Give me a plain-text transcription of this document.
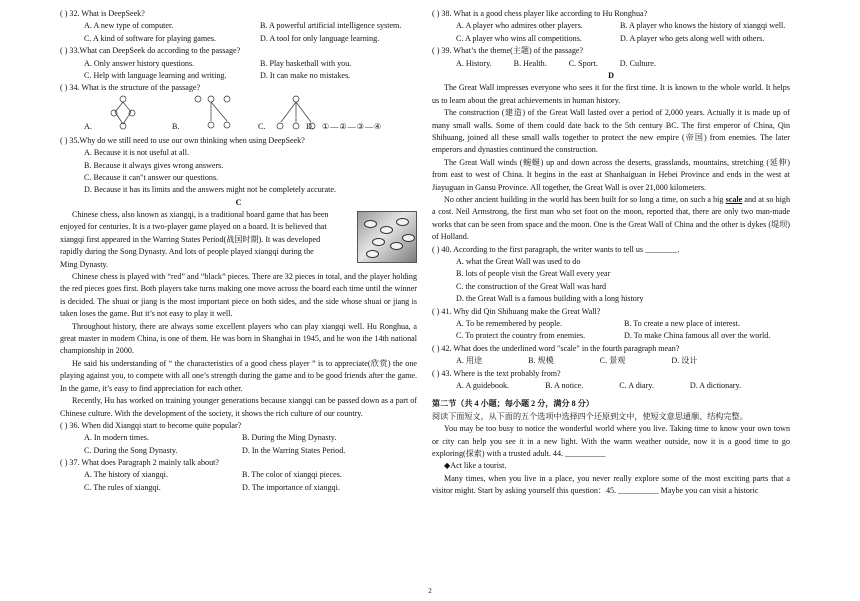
( ) 32. What is DeepSeek?
A. A new type of computer.	B. A powerful artificial intelligence system.
C. A kind of software for playing games.	D. A tool for only language learning.
( ) 33.What can DeepSeek do according to the passage?
A. Only answer history questions.	B. Play basketball with you.
C. Help with language learning and writing.	D. It can make no mistakes.
( ) 34. What is the structure of the passage?
A.	B.	C.	D. ①—②—③—④
( ) 35.Why do we still need to use our own thinking when using DeepSeek?
A. Because it is not useful at all.
B. Because it always gives wrong answers.
C. Because it can"t answer our questions.
D. Because it has its limits and the answers might not be completely accurate.
C
Chinese chess, also known as xiangqi, is a traditional board game that has been
enjoyed for centuries. It is a two-player game played on a board. It is believed that
xiangqi first appeared in the Warring States Period(战国时期). It was developed
rapidly during the Song Dynasty. And lots of people played xiangqi during the
Ming Dynasty.
Chinese chess is played with “red” and “black” pieces. There are 32 pieces in total, and the player holding the red pieces goes first. Both players take turns making one move across the board each time until the winner is decided. The shuai or jiang is the most important piece on both sides, and the side whose shuai or jiang is taken loses the game. But it’s not easy to play it well.
Throughout history, there are always some excellent players who can play xiangqi well. Hu Ronghua, a great master in modern China, is one of them. He was born in Shanghai in 1945, and he won the 14th national championship in 2000.
He said his understanding of “ the characteristics of a good chess player ” is to appreciate(欣赏) the one playing against you, to compete with all one’s strength during the game and to be good friends after the game. In the game, it’s easy to find appreciation for each other.
Recently, Hu has worked on training younger generations because xiangqi can be passed down as a part of Chinese culture. With the development of the society, it shows the rich culture of our country.
( ) 36. When did Xiangqi start to become quite popular?
A. In modern times.	B. During the Ming Dynasty.
C. During the Song Dynasty.	D. In the Warring States Period.
( ) 37. What does Paragraph 2 mainly talk about?
A. The history of xiangqi.	B. The color of xiangqi pieces.
C. The rules of xiangqi.	D. The importance of xiangqi.
( ) 38. What is a good chess player like according to Hu Ronghua?
A. A player who admires other players.	B. A player who knows the history of xiangqi well.
C. A player who wins all competitions.	D. A player who gets along well with others.
( ) 39. What’s the theme(主题) of the passage?
A. History.	B. Health.	C. Sport.	D. Culture.
D
The Great Wall impresses everyone who sees it for the first time. It is known to the whole world. It helps us to learn about the great achievements in human history.
The construction (建造) of the Great Wall lasted over a period of 2,000 years. Actually it is made up of many small walls. Some of them could date back to the 5th century BC. The first emperor of China, Qin Shihuang, joined all these small walls together to protect the new empire (帝国) from enemies. The later emperors and dynasties continued the construction.
The Great Wall winds (蜿蜒) up and down across the deserts, grasslands, mountains, stretching (延伸) from east to west of China. It begins in the east at Shanhaiguan in Hebei Province and ends in the west at Jiayuguan in Gansu Province. All together, the Great Wall is over 21,000 kilometers.
No other ancient building in the world has been built for so long a time, on such a big scale and at so high a cost. Neil Armstrong, the first man who set foot on the moon, reported that, there are only two man-made works that can be seen from space and the moon. One is the Great Wall of China and the other is dykes (堤坝) of Holland.
( ) 40. According to the first paragraph, the writer wants to tell us ________.
A. what the Great Wall was used to do
B. lots of people visit the Great Wall every year
C. the construction of the Great Wall was hard
D. the Great Wall is a famous building with a long history
( ) 41. Why did Qin Shihuang make the Great Wall?
A. To be remembered by people.	B. To create a new place of interest.
C. To protect the country from enemies.	D. To make China famous all over the world.
( ) 42. What does the underlined word "scale" in the fourth paragraph mean?
A. 用途	B. 规模	C. 景观	D. 设计
( ) 43. Where is the text probably from?
A. A guidebook.	B. A notice.	C. A diary.	D. A dictionary.
第二节（共 4 小题；每小题 2 分，满分 8 分）
阅读下面短文，从下面的五个选项中选择四个还原到文中，使短文意思通顺、结构完整。
You may be too busy to notice the wonderful world where you live. Taking time to know your own town or city can help you see it in a new light. With the warm weather outside, now it is a good time to go exploring(探索) with a trusted adult. 44. __________
◆Act like a tourist.
Many times, when you live in a place, you never really explore some of the most exciting parts that a visitor might. Start by asking yourself this question：45. __________ Maybe you can visit a historic
2
